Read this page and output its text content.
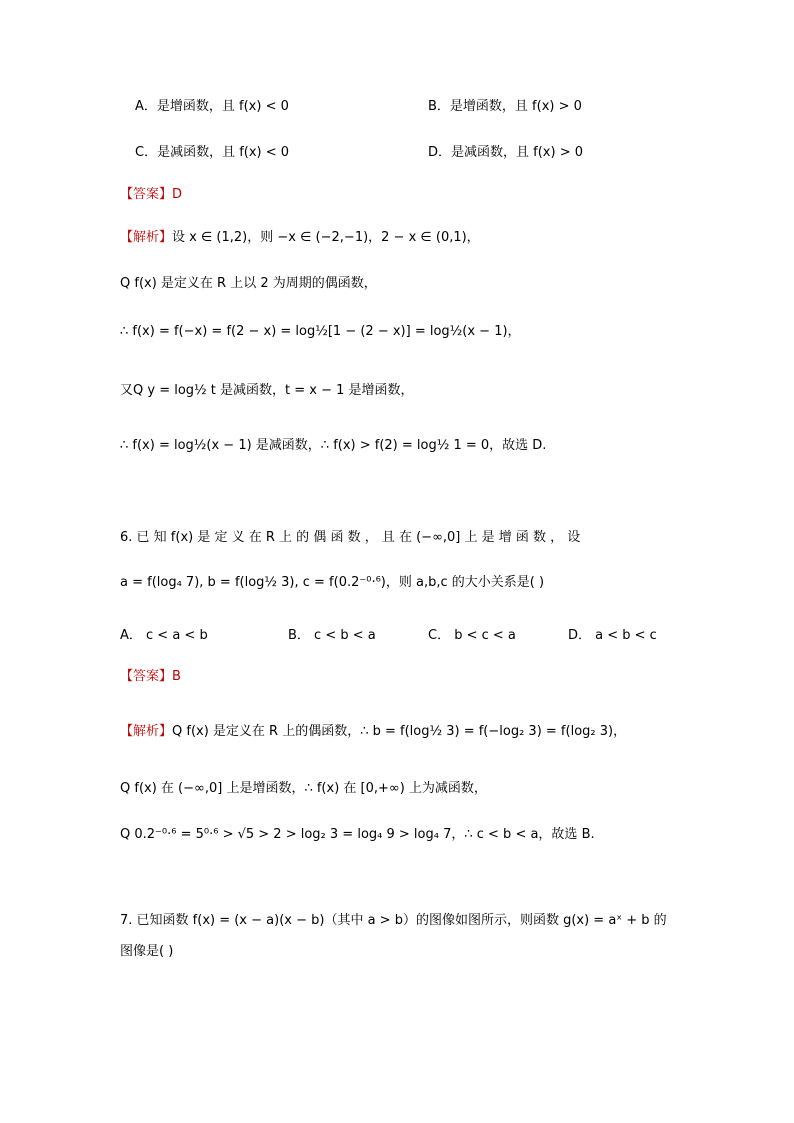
A．是增函数，且 f(x) < 0	B．是增函数，且 f(x) > 0
C．是减函数，且 f(x) < 0	D．是减函数，且 f(x) > 0
【答案】D
【解析】设 x ∈ (1,2)，则 −x ∈ (−2,−1)，2 − x ∈ (0,1)，
Q f(x) 是定义在 R 上以 2 为周期的偶函数，
∴ f(x) = f(−x) = f(2 − x) = log½[1 − (2 − x)] = log½(x − 1)，
又Q y = log½ t 是减函数，t = x − 1 是增函数，
∴ f(x) = log½(x − 1) 是减函数，∴ f(x) > f(2) = log½ 1 = 0，故选 D.
6. 已 知 f(x) 是 定 义 在 R 上 的 偶 函 数 ， 且 在 (−∞,0] 上 是 增 函 数 ， 设
a = f(log₄ 7), b = f(log½ 3), c = f(0.2⁻⁰·⁶)，则 a,b,c 的大小关系是( )
A． c < a < b	B． c < b < a	C． b < c < a	D． a < b < c
【答案】B
【解析】Q f(x) 是定义在 R 上的偶函数，∴ b = f(log½ 3) = f(−log₂ 3) = f(log₂ 3)，
Q f(x) 在 (−∞,0] 上是增函数，∴ f(x) 在 [0,+∞) 上为减函数，
Q 0.2⁻⁰·⁶ = 5⁰·⁶ > √5 > 2 > log₂ 3 = log₄ 9 > log₄ 7，∴ c < b < a，故选 B.
7. 已知函数 f(x) = (x − a)(x − b)（其中 a > b）的图像如图所示，则函数 g(x) = aˣ + b 的
图像是( )
